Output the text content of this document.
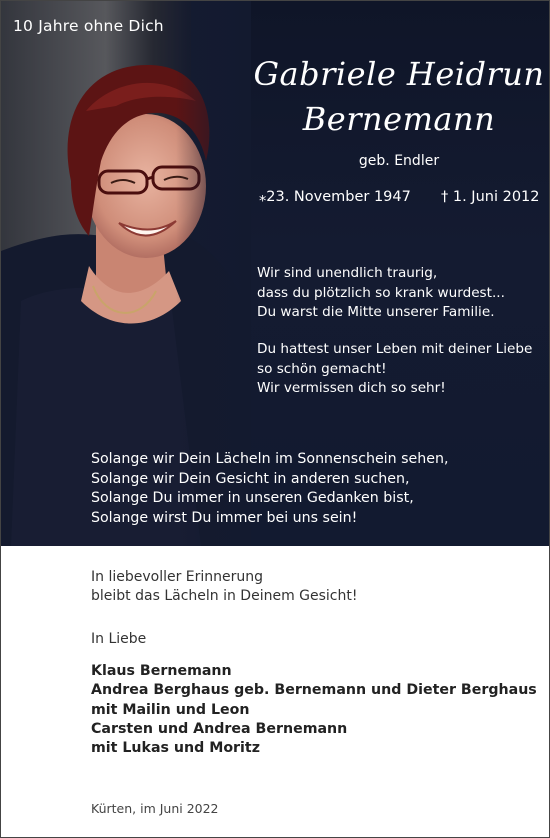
10 Jahre ohne Dich
Gabriele Heidrun
Bernemann
geb. Endler
⁎23. November 1947 † 1. Juni 2012

Wir sind unendlich traurig,
dass du plötzlich so krank wurdest...
Du warst die Mitte unserer Familie.

Du hattest unser Leben mit deiner Liebe
so schön gemacht!
Wir vermissen dich so sehr!

Solange wir Dein Lächeln im Sonnenschein sehen,
Solange wir Dein Gesicht in anderen suchen,
Solange Du immer in unseren Gedanken bist,
Solange wirst Du immer bei uns sein!

In liebevoller Erinnerung
bleibt das Lächeln in Deinem Gesicht!
In Liebe
Klaus Bernemann
Andrea Berghaus geb. Bernemann und Dieter Berghaus
mit Mailin und Leon
Carsten und Andrea Bernemann
mit Lukas und Moritz
Kürten, im Juni 2022
